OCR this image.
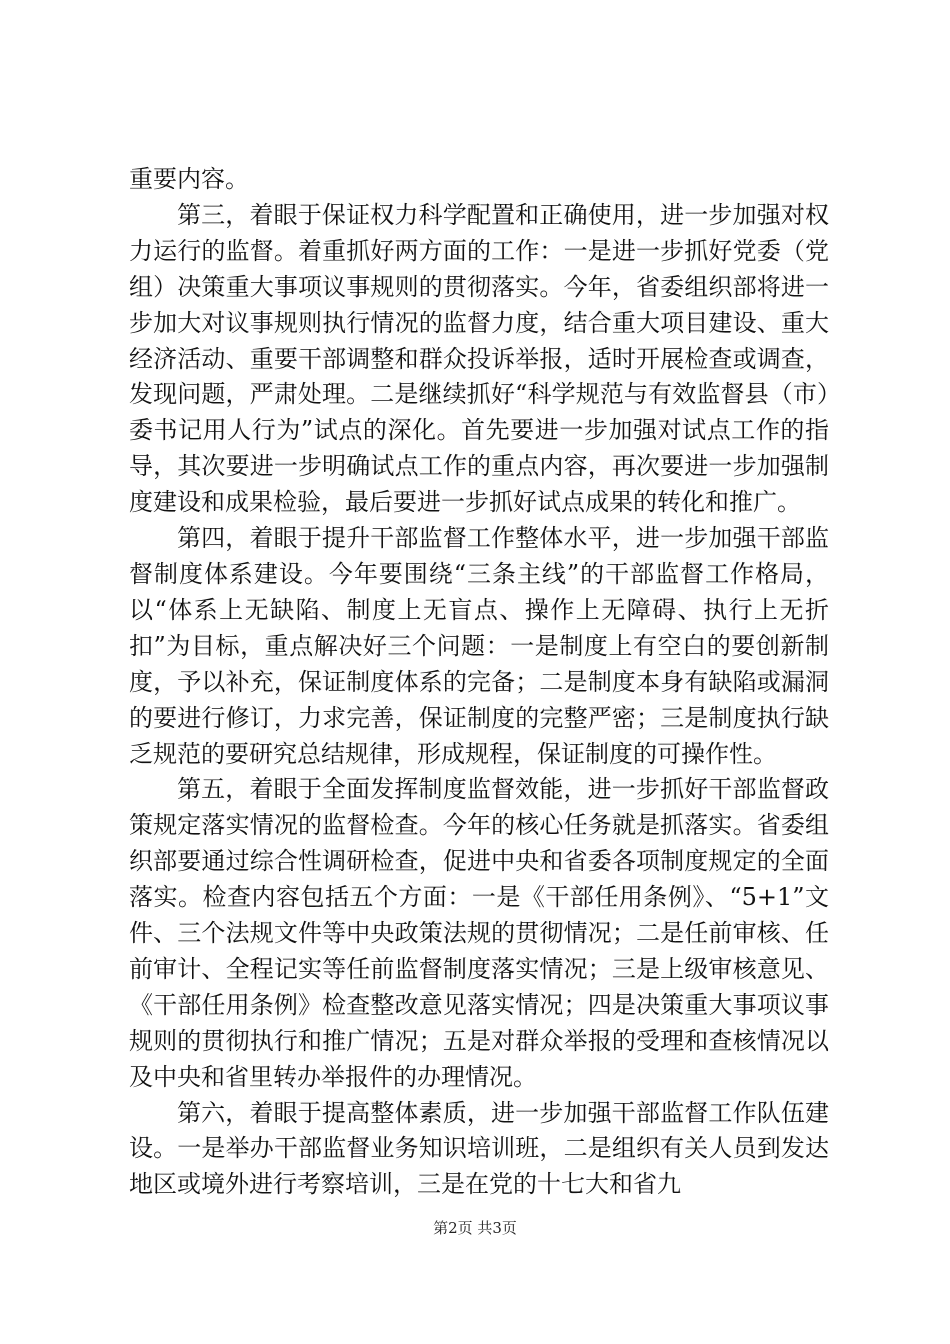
重要内容。

第三，着眼于保证权力科学配置和正确使用，进一步加强对权力运行的监督。着重抓好两方面的工作：一是进一步抓好党委（党组）决策重大事项议事规则的贯彻落实。今年，省委组织部将进一步加大对议事规则执行情况的监督力度，结合重大项目建设、重大经济活动、重要干部调整和群众投诉举报，适时开展检查或调查，发现问题，严肃处理。二是继续抓好“科学规范与有效监督县（市）委书记用人行为”试点的深化。首先要进一步加强对试点工作的指导，其次要进一步明确试点工作的重点内容，再次要进一步加强制度建设和成果检验，最后要进一步抓好试点成果的转化和推广。

第四，着眼于提升干部监督工作整体水平，进一步加强干部监督制度体系建设。今年要围绕“三条主线”的干部监督工作格局，以“体系上无缺陷、制度上无盲点、操作上无障碍、执行上无折扣”为目标，重点解决好三个问题：一是制度上有空白的要创新制度，予以补充，保证制度体系的完备；二是制度本身有缺陷或漏洞的要进行修订，力求完善，保证制度的完整严密；三是制度执行缺乏规范的要研究总结规律，形成规程，保证制度的可操作性。

第五，着眼于全面发挥制度监督效能，进一步抓好干部监督政策规定落实情况的监督检查。今年的核心任务就是抓落实。省委组织部要通过综合性调研检查，促进中央和省委各项制度规定的全面落实。检查内容包括五个方面：一是《干部任用条例》、“5+1”文件、三个法规文件等中央政策法规的贯彻情况；二是任前审核、任前审计、全程记实等任前监督制度落实情况；三是上级审核意见、《干部任用条例》检查整改意见落实情况；四是决策重大事项议事规则的贯彻执行和推广情况；五是对群众举报的受理和查核情况以及中央和省里转办举报件的办理情况。

第六，着眼于提高整体素质，进一步加强干部监督工作队伍建设。一是举办干部监督业务知识培训班，二是组织有关人员到发达地区或境外进行考察培训，三是在党的十七大和省九

第2页 共3页
